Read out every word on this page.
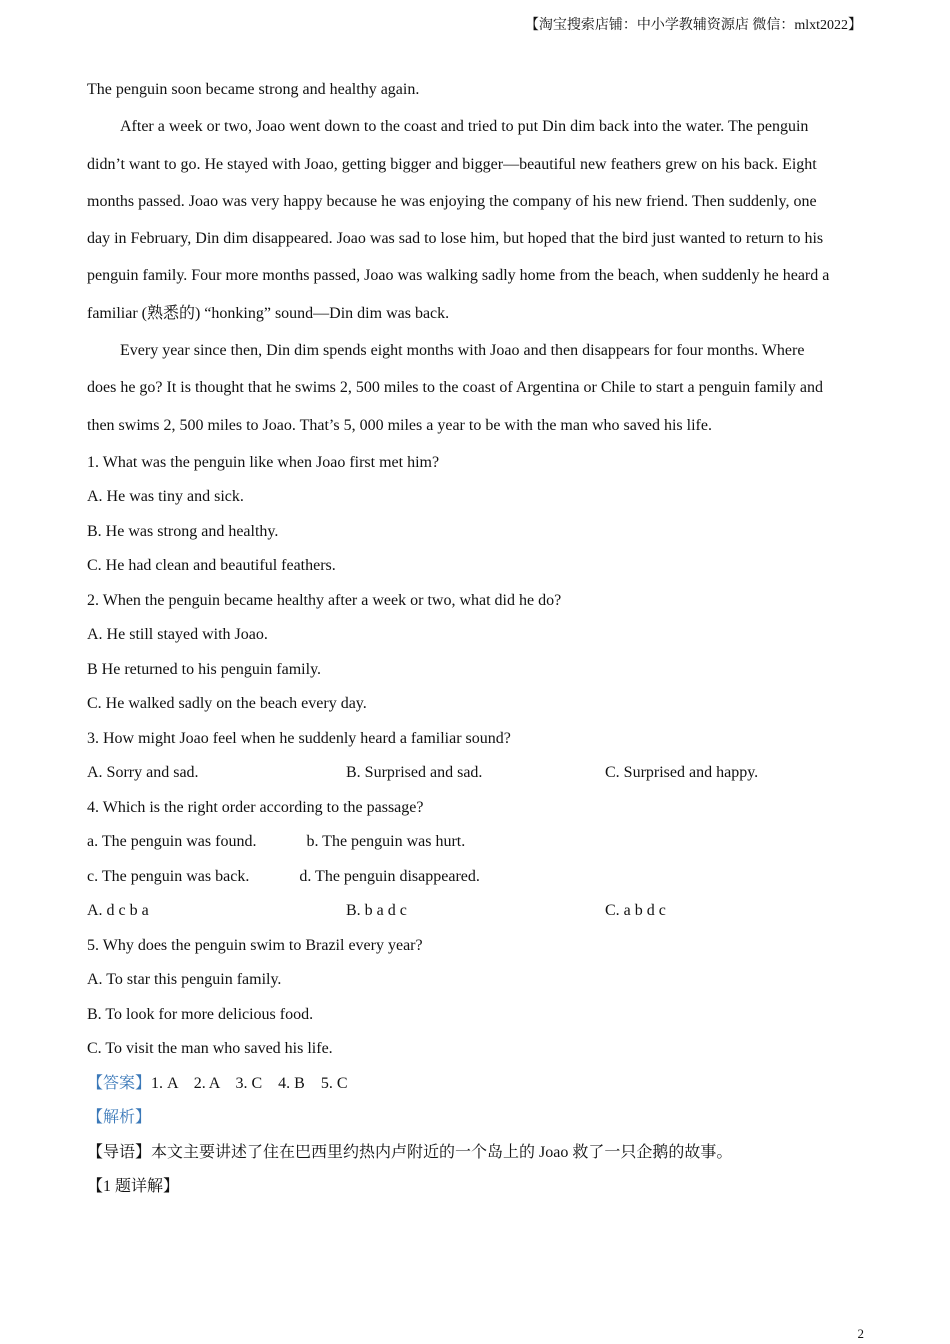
【淘宝搜索店铺：中小学教辅资源店 微信：mlxt2022】
The penguin soon became strong and healthy again.
After a week or two, Joao went down to the coast and tried to put Din dim back into the water. The penguin
didn’t want to go. He stayed with Joao, getting bigger and bigger—beautiful new feathers grew on his back. Eight
months passed. Joao was very happy because he was enjoying the company of his new friend. Then suddenly, one
day in February, Din dim disappeared. Joao was sad to lose him, but hoped that the bird just wanted to return to his
penguin family. Four more months passed, Joao was walking sadly home from the beach, when suddenly he heard a
familiar (熟悉的) “honking” sound—Din dim was back.
Every year since then, Din dim spends eight months with Joao and then disappears for four months. Where
does he go? It is thought that he swims 2, 500 miles to the coast of Argentina or Chile to start a penguin family and
then swims 2, 500 miles to Joao. That’s 5, 000 miles a year to be with the man who saved his life.
1. What was the penguin like when Joao first met him?
A. He was tiny and sick.
B. He was strong and healthy.
C. He had clean and beautiful feathers.
2. When the penguin became healthy after a week or two, what did he do?
A. He still stayed with Joao.
B He returned to his penguin family.
C. He walked sadly on the beach every day.
3. How might Joao feel when he suddenly heard a familiar sound?
A. Sorry and sad.	B. Surprised and sad.	C. Surprised and happy.
4. Which is the right order according to the passage?
a. The penguin was found.	b. The penguin was hurt.
c. The penguin was back.	d. The penguin disappeared.
A. d c b a	B. b a d c	C. a b d c
5. Why does the penguin swim to Brazil every year?
A. To star this penguin family.
B. To look for more delicious food.
C. To visit the man who saved his life.
【答案】1. A    2. A    3. C    4. B    5. C
【解析】
【导语】本文主要讲述了住在巴西里约热内卢附近的一个岛上的 Joao 救了一只企鹅的故事。
【1 题详解】
2
